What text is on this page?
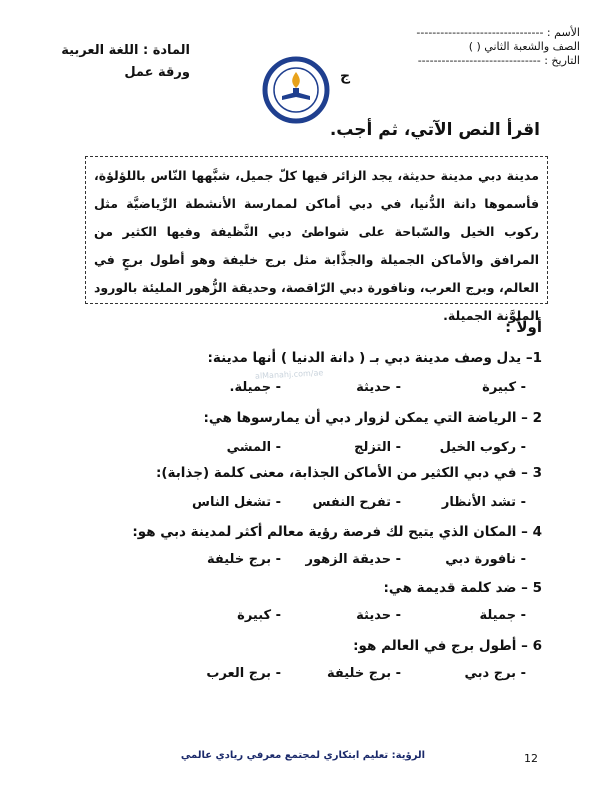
الأسم : --------------------------------
الصف والشعبة الثاني ( )
التاريخ : -------------------------------
المادة : اللغة العربية
ورقة عمل	ج
اقرأ النص الآتي، ثم أجب.
مدينة دبي مدينة حديثة، يجد الزائر فيها كلّ جميل، شبَّهها النّاس باللؤلؤة، فأسموها دانة الدُّنيا، في دبي أماكن لممارسة الأنشطة الرِّياضيَّة مثل ركوب الخيل والسّباحة على شواطئ دبي النَّظيفة وفيها الكثير من المرافق والأماكن الجميلة والجذَّابة مثل برج خليفة وهو أطول برجٍ في العالم، وبرج العرب، ونافورة دبي الرّاقصة، وحديقة الزُّهور المليئة بالورود الملوَّنة الجميلة.
أولاً :
alManahj.com/ae
1– يدل وصف مدينة دبي بـ ( دانة الدنيا ) أنها مدينة:
- كبيرة
- حديثة
- جميلة.
2 – الرياضة التي يمكن لزوار دبي أن يمارسوها هي:
- ركوب الخيل
- التزلج
- المشي
3 – في دبي الكثير من الأماكن الجذابة، معنى كلمة (جذابة):
- تشد الأنظار
- تفرح النفس
- تشغل الناس
4 – المكان الذي يتيح لك فرصة رؤية معالم أكثر لمدينة دبي هو:
- نافورة دبي
- حديقة الزهور
- برج خليفة
5 – ضد كلمة قديمة هي:
- جميلة
- حديثة
- كبيرة
6 – أطول برج في العالم هو:
- برج دبي
- برج خليفة
- برج العرب
الرؤية: تعليم ابتكاري لمجتمع معرفي ريادي عالمي	12
